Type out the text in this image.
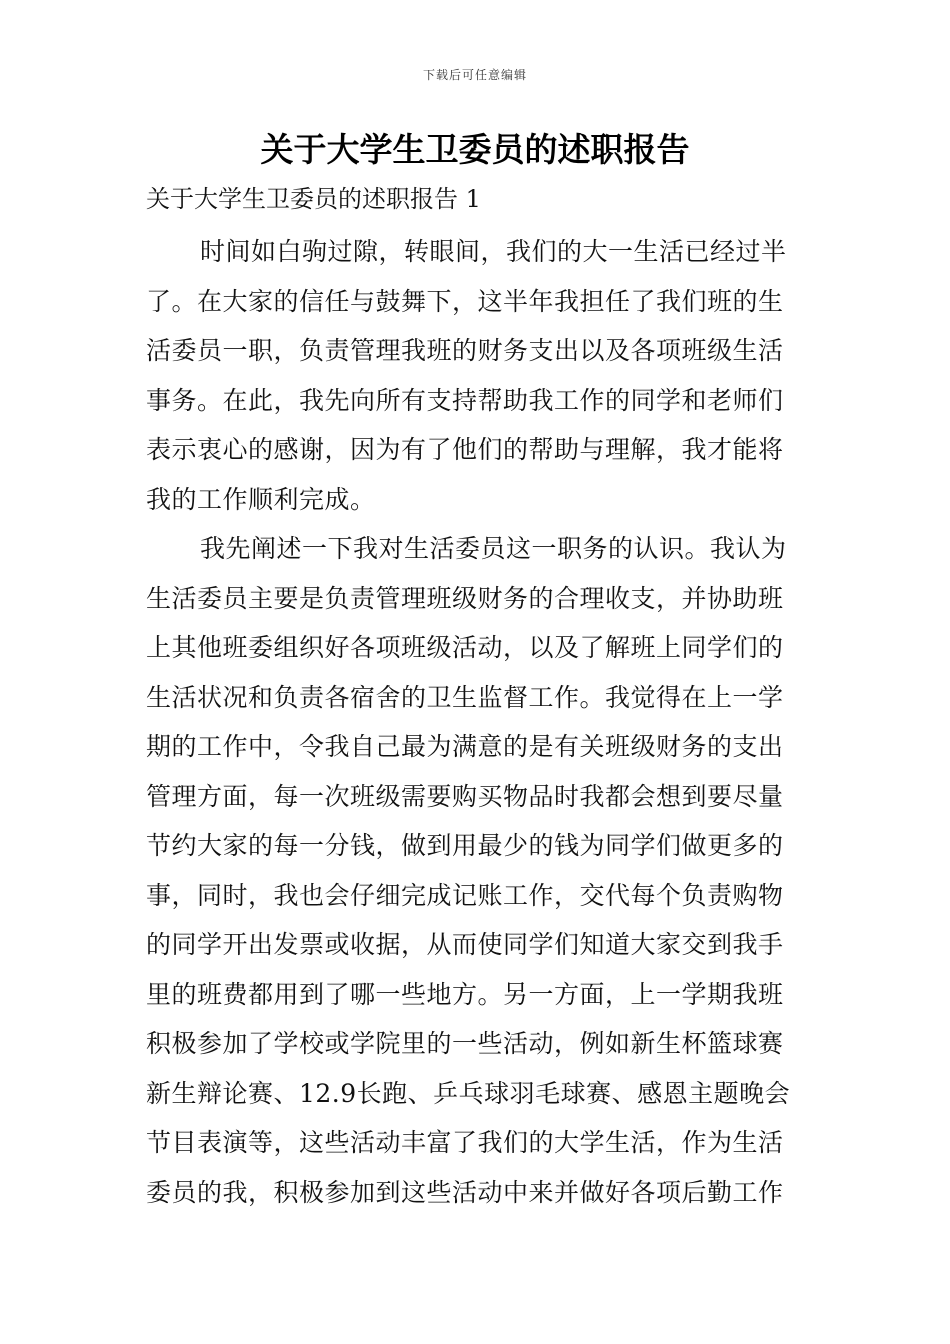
下载后可任意编辑
关于大学生卫委员的述职报告
关于大学生卫委员的述职报告 1
时间如白驹过隙，转眼间，我们的大一生活已经过半
了。在大家的信任与鼓舞下，这半年我担任了我们班的生
活委员一职，负责管理我班的财务支出以及各项班级生活
事务。在此，我先向所有支持帮助我工作的同学和老师们
表示衷心的感谢，因为有了他们的帮助与理解，我才能将
我的工作顺利完成。
我先阐述一下我对生活委员这一职务的认识。我认为
生活委员主要是负责管理班级财务的合理收支，并协助班
上其他班委组织好各项班级活动，以及了解班上同学们的
生活状况和负责各宿舍的卫生监督工作。我觉得在上一学
期的工作中，令我自己最为满意的是有关班级财务的支出
管理方面，每一次班级需要购买物品时我都会想到要尽量
节约大家的每一分钱，做到用最少的钱为同学们做更多的
事，同时，我也会仔细完成记账工作，交代每个负责购物
的同学开出发票或收据，从而使同学们知道大家交到我手
里的班费都用到了哪一些地方。另一方面，上一学期我班
积极参加了学校或学院里的一些活动，例如新生杯篮球赛
新生辩论赛、12.9长跑、乒乓球羽毛球赛、感恩主题晚会
节目表演等，这些活动丰富了我们的大学生活，作为生活
委员的我，积极参加到这些活动中来并做好各项后勤工作
